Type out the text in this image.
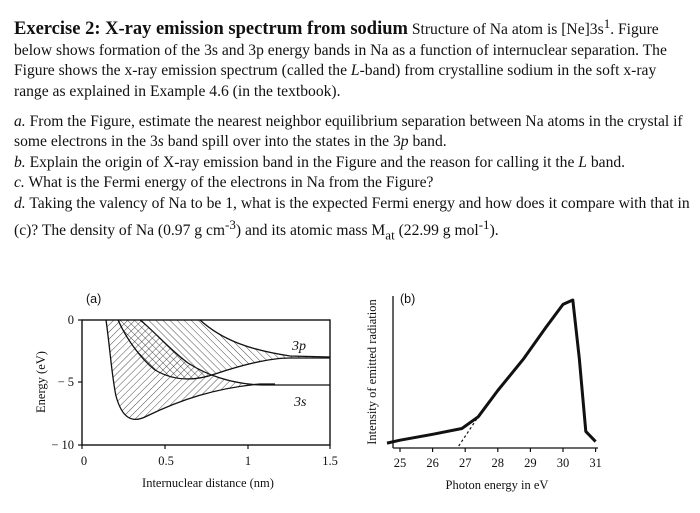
Exercise 2: X-ray emission spectrum from sodium Structure of Na atom is $[Ne]3s^1$. Figure below shows formation of the 3s and 3p energy bands in Na as a function of internuclear separation. The Figure shows the x-ray emission spectrum (called the L-band) from crystalline sodium in the soft x-ray range as explained in Example 4.6 (in the textbook).

a. From the Figure, estimate the nearest neighbor equilibrium separation between Na atoms in the crystal if some electrons in the 3s band spill over into the states in the 3p band.
b. Explain the origin of X-ray emission band in the Figure and the reason for calling it the L band.
c. What is the Fermi energy of the electrons in Na from the Figure?
d. Taking the valency of Na to be 1, what is the expected Fermi energy and how does it compare with that in (c)? The density of Na (0.97 g $cm^{-3}$) and its atomic mass $M_{at}$ (22.99 g mol$^{-1}$).

(a)
0
− 5
− 10
0	0.5	1	1.5
Internuclear distance (nm)
Energy (eV)
3p
3s
25 26 27 28 29 30 31
(b)
Photon energy in eV
Intensity of emitted radiation
